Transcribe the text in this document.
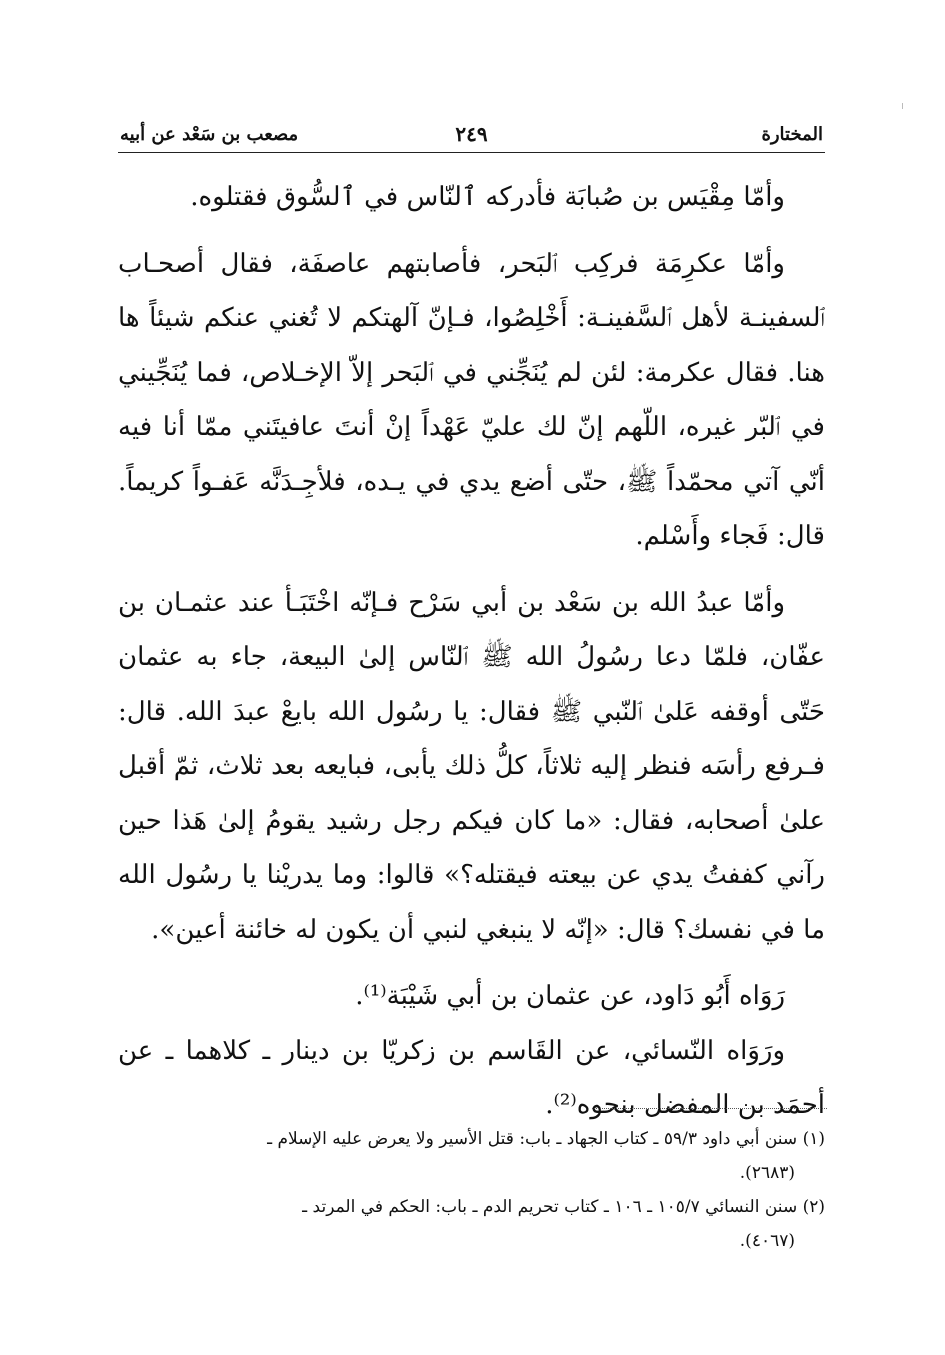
المختارة
٢٤٩
مصعب بن سَعْد عن أبيه

وأمّا مِقْيَس بن صُبابَة فأدركه ٱلنّاس في ٱلسُّوق فقتلوه.

وأمّا عكرِمَة فركِب ٱلبَحر، فأصابتهم عاصفَة، فقال أصحـاب ٱلسفينـة لأهل ٱلسَّفينـة: أَخْلِصُوا، فـإنّ آلهتكم لا تُغني عنكم شيئاً ها هنا. فقال عكرمة: لئن لم يُنَجِّني في ٱلبَحر إلاّ الإخـلاص، فما يُنَجِّيني في ٱلبّر غيره، اللّهم إنّ لك عليّ عَهْداً إنْ أنتَ عافيتَني ممّا أنا فيه أنّي آتي محمّداً ﷺ، حتّى أضع يدي في يـده، فلأجِـدَنَّه عَفـواً كريماً. قال: فَجاء وأَسْلم.

وأمّا عبدُ الله بن سَعْد بن أبي سَرْح فـإنّه اخْتَبَـأ عند عثمـان بن عفّان، فلمّا دعا رسُولُ الله ﷺ ٱلنّاس إلىٰ البيعة، جاء به عثمان حَتّى أوقفه عَلىٰ ٱلنّبي ﷺ فقال: يا رسُول الله بايعْ عبدَ الله. قال: فـرفع رأسَه فنظر إليه ثلاثاً، كلُّ ذلك يأبى، فبايعه بعد ثلاث، ثمّ أقبل علىٰ أصحابه، فقال: «ما كان فيكم رجل رشيد يقومُ إلىٰ هَذا حين رآني كففتُ يدي عن بيعته فيقتله؟» قالوا: وما يدريْنا يا رسُول الله ما في نفسك؟ قال: «إنّه لا ينبغي لنبي أن يكون له خائنة أعين».

رَوَاه أَبُو دَاود، عن عثمان بن أبي شَيْبَة⁽¹⁾.

ورَوَاه النّسائي، عن القَاسم بن زكريّا بن دينار ـ كلاهما ـ عن أحمَد بن المفضل بنحوه⁽²⁾.

(١) سنن أبي داود ٥٩/٣ ـ كتاب الجهاد ـ باب: قتل الأسير ولا يعرض عليه الإسلام ـ

(٢٦٨٣).

(٢) سنن النسائي ١٠٥/٧ ـ ١٠٦ ـ كتاب تحريم الدم ـ باب: الحكم في المرتد ـ

(٤٠٦٧).
